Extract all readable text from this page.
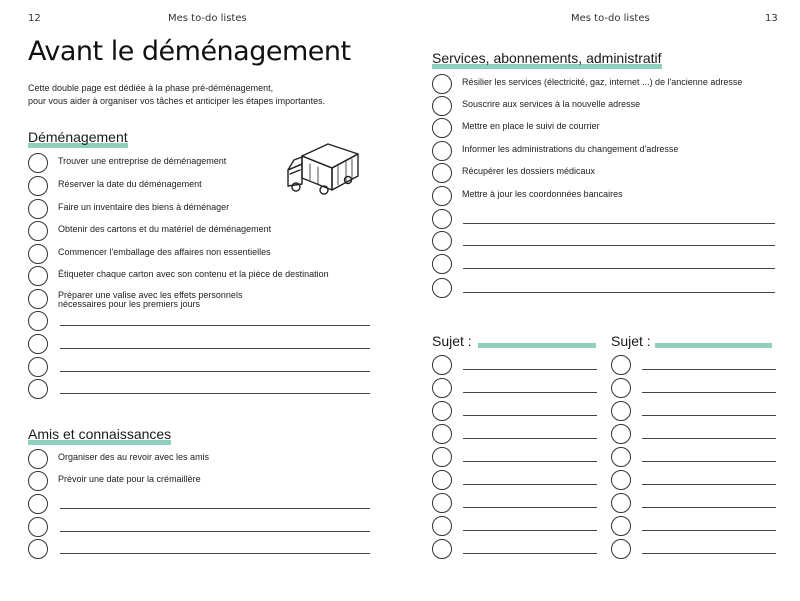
12	Mes to-do listes
Avant le déménagement
Cette double page est dédiée à la phase pré-déménagement,
pour vous aider à organiser vos tâches et anticiper les étapes importantes.
Déménagement
Trouver une entreprise de déménagement
Réserver la date du déménagement
Faire un inventaire des biens à déménager
Obtenir des cartons et du matériel de déménagement
Commencer l'emballage des affaires non essentielles
Étiqueter chaque carton avec son contenu et la pièce de destination
Préparer une valise avec les effets personnels
nécessaires pour les premiers jours
Amis et connaissances
Organiser des au revoir avec les amis
Prévoir une date pour la crémaillère
Mes to-do listes	13
Services, abonnements, administratif
Résilier les services (électricité, gaz, internet ...) de l'ancienne adresse
Souscrire aux services à la nouvelle adresse
Mettre en place le suivi de courrier
Informer les administrations du changement d'adresse
Récupérer les dossiers médicaux
Mettre à jour les coordonnées bancaires
Sujet :	Sujet :
